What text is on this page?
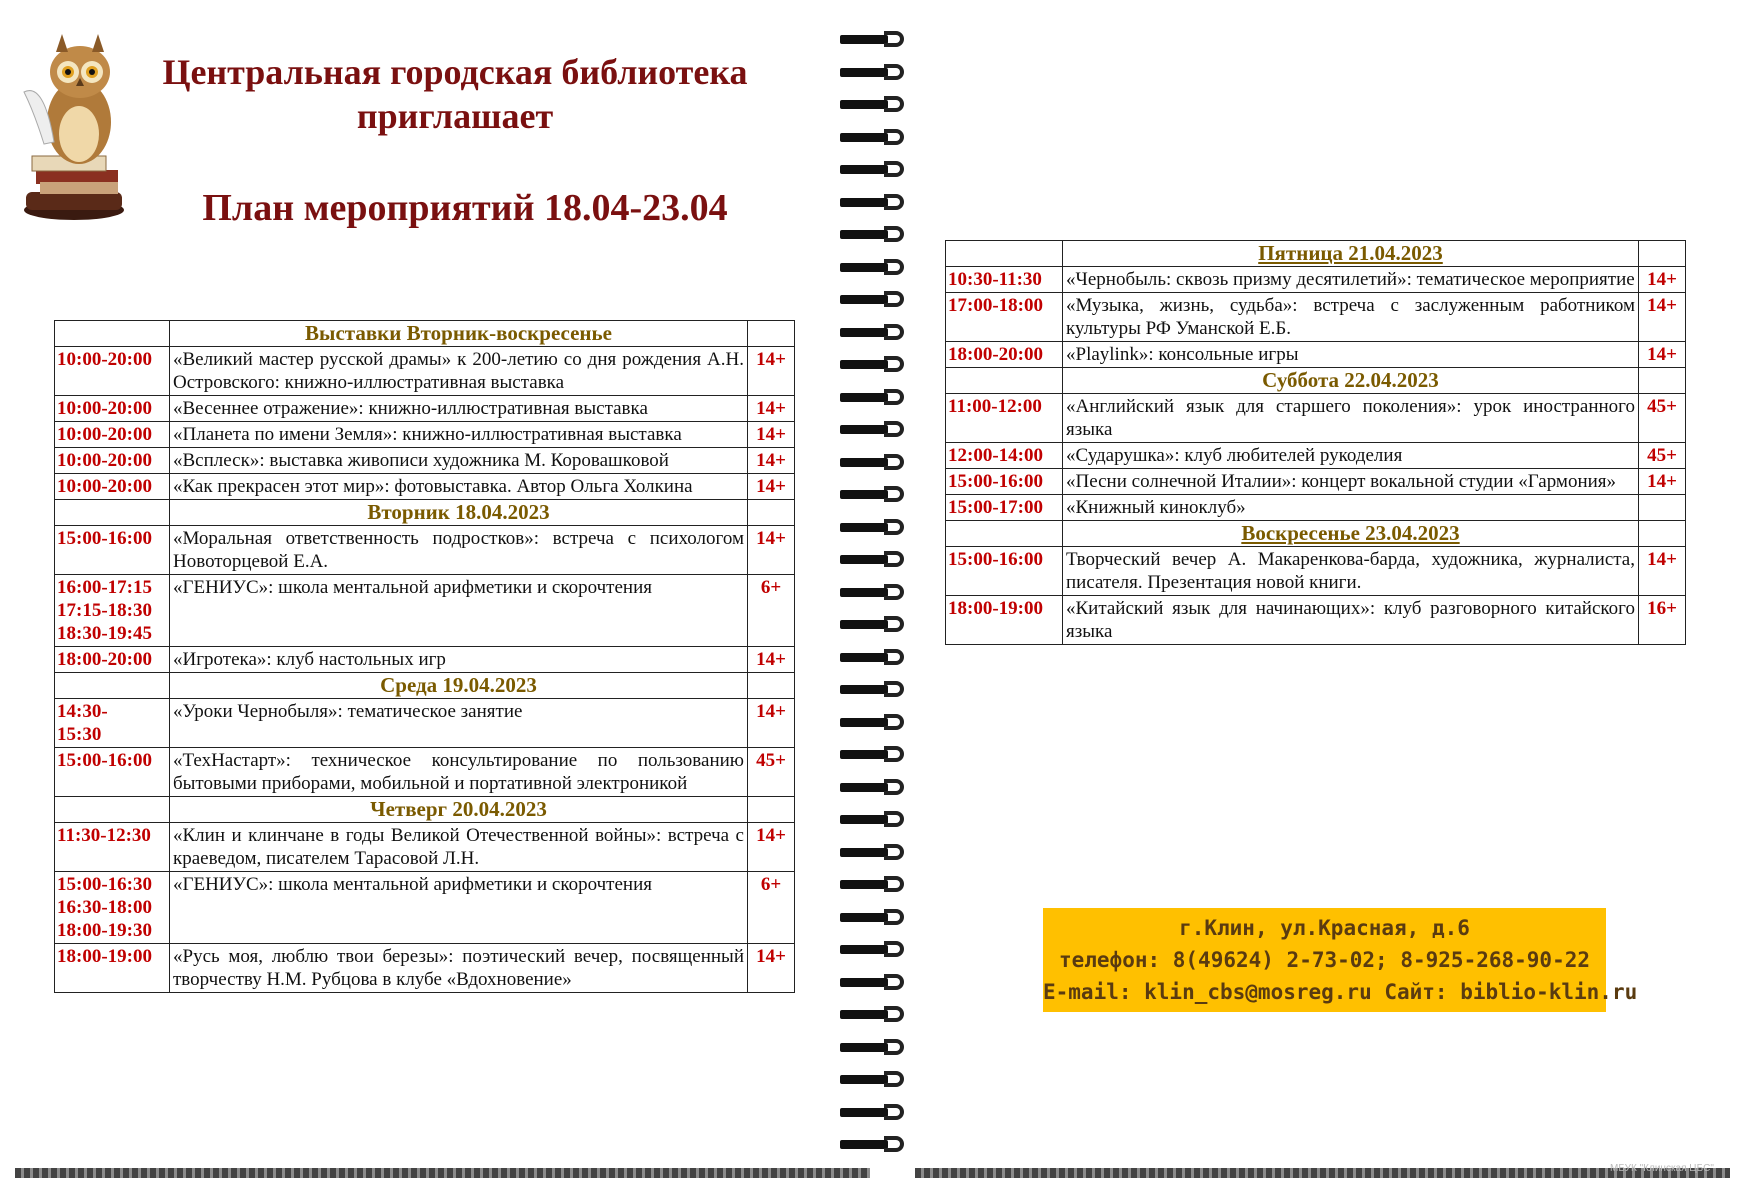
Центральная городская библиотека
приглашает
План мероприятий 18.04-23.04
	Выставки Вторник-воскресенье	

10:00-20:00	«Великий мастер русской драмы» к 200-летию со дня рождения А.Н. Островского: книжно-иллюстративная выставка	14+

10:00-20:00	«Весеннее отражение»: книжно-иллюстративная выставка	14+

10:00-20:00	«Планета по имени Земля»: книжно-иллюстративная выставка	14+

10:00-20:00	«Всплеск»: выставка живописи художника М. Коровашковой	14+

10:00-20:00	«Как прекрасен этот мир»: фотовыставка. Автор Ольга Холкина	14+
	Вторник 18.04.2023	

15:00-16:00	«Моральная ответственность подростков»: встреча с психологом Новоторцевой Е.А.	14+

16:00-17:15
17:15-18:30
18:30-19:45	«ГЕНИУС»: школа ментальной арифметики и скорочтения	6+

18:00-20:00	«Игротека»: клуб настольных игр	14+
	Среда 19.04.2023	

14:30-
15:30	«Уроки Чернобыля»: тематическое занятие	14+

15:00-16:00	«ТехНастарт»: техническое консультирование по пользованию бытовыми приборами, мобильной и портативной электроникой	45+
	Четверг 20.04.2023	

11:30-12:30	«Клин и клинчане в годы Великой Отечественной войны»: встреча с краеведом, писателем Тарасовой Л.Н.	14+

15:00-16:30
16:30-18:00
18:00-19:30	«ГЕНИУС»: школа ментальной арифметики и скорочтения	6+

18:00-19:00	«Русь моя, люблю твои березы»: поэтический вечер, посвященный творчеству Н.М. Рубцова в клубе «Вдохновение»	14+
	Пятница 21.04.2023	

10:30-11:30	«Чернобыль: сквозь призму десятилетий»: тематическое мероприятие	14+

17:00-18:00	«Музыка, жизнь, судьба»: встреча с заслуженным работником культуры РФ Уманской Е.Б.	14+

18:00-20:00	«Playlink»: консольные игры	14+
	Суббота 22.04.2023	

11:00-12:00	«Английский язык для старшего поколения»: урок иностранного языка	45+

12:00-14:00	«Сударушка»: клуб любителей рукоделия	45+

15:00-16:00	«Песни солнечной Италии»: концерт вокальной студии «Гармония»	14+

15:00-17:00	«Книжный киноклуб»	
	Воскресенье 23.04.2023	

15:00-16:00	Творческий вечер А. Макаренкова-барда, художника, журналиста, писателя. Презентация новой книги.	14+

18:00-19:00	«Китайский язык для начинающих»: клуб разговорного китайского языка	16+
г.Клин, ул.Красная, д.6
телефон: 8(49624) 2-73-02; 8-925-268-90-22
E-mail: klin_cbs@mosreg.ru Сайт: biblio-klin.ru
МБУК "Клинская ЦБС"
